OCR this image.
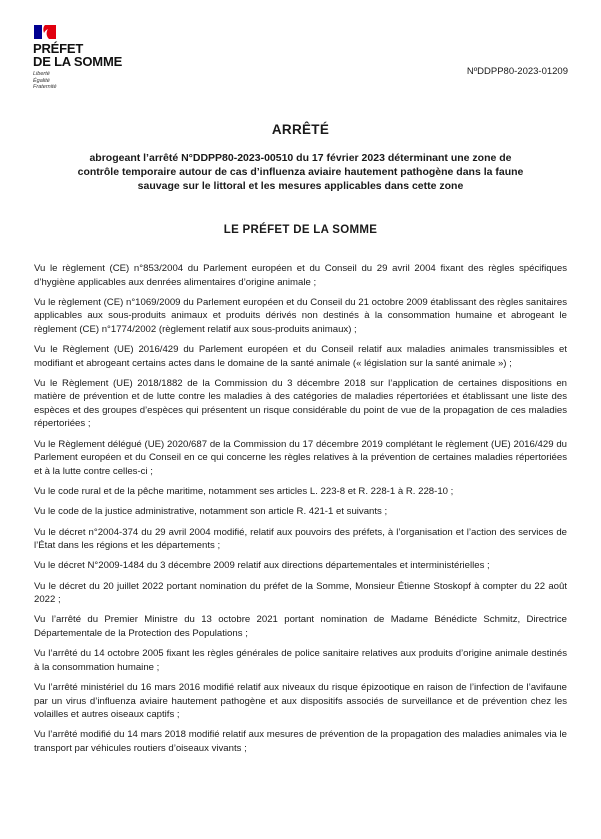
PRÉFET
DE LA SOMME
Liberté
Égalité
Fraternité
NºDDPP80-2023-01209
ARRÊTÉ
abrogeant l’arrêté N°DDPP80-2023-00510 du 17 février 2023 déterminant une zone de
contrôle temporaire autour de cas d’influenza aviaire hautement pathogène dans la faune
sauvage sur le littoral et les mesures applicables dans cette zone
LE PRÉFET DE LA SOMME

Vu le règlement (CE) n°853/2004 du Parlement européen et du Conseil du 29 avril 2004 fixant des règles spécifiques d’hygiène applicables aux denrées alimentaires d’origine animale ;

Vu le règlement (CE) n°1069/2009 du Parlement européen et du Conseil du 21 octobre 2009 établissant des règles sanitaires applicables aux sous-produits animaux et produits dérivés non destinés à la consommation humaine et abrogeant le règlement (CE) n°1774/2002 (règlement relatif aux sous-produits animaux) ;

Vu le Règlement (UE) 2016/429 du Parlement européen et du Conseil relatif aux maladies animales transmissibles et modifiant et abrogeant certains actes dans le domaine de la santé animale (« législation sur la santé animale ») ;

Vu le Règlement (UE) 2018/1882 de la Commission du 3 décembre 2018 sur l’application de certaines dispositions en matière de prévention et de lutte contre les maladies à des catégories de maladies répertoriées et établissant une liste des espèces et des groupes d’espèces qui présentent un risque considérable du point de vue de la propagation de ces maladies répertoriées ;

Vu le Règlement délégué (UE) 2020/687 de la Commission du 17 décembre 2019 complétant le règlement (UE) 2016/429 du Parlement européen et du Conseil en ce qui concerne les règles relatives à la prévention de certaines maladies répertoriées et à la lutte contre celles-ci ;

Vu le code rural et de la pêche maritime, notamment ses articles L. 223-8 et R. 228-1 à R. 228-10 ;

Vu le code de la justice administrative, notamment son article R. 421-1 et suivants ;

Vu le décret n°2004-374 du 29 avril 2004 modifié, relatif aux pouvoirs des préfets, à l’organisation et l’action des services de l’État dans les régions et les départements ;

Vu le décret N°2009-1484 du 3 décembre 2009 relatif aux directions départementales et interministérielles ;

Vu le décret du 20 juillet 2022 portant nomination du préfet de la Somme, Monsieur Étienne Stoskopf à compter du 22 août 2022 ;

Vu l’arrêté du Premier Ministre du 13 octobre 2021 portant nomination de Madame Bénédicte Schmitz, Directrice Départementale de la Protection des Populations ;

Vu l’arrêté du 14 octobre 2005 fixant les règles générales de police sanitaire relatives aux produits d’origine animale destinés à la consommation humaine ;

Vu l’arrêté ministériel du 16 mars 2016 modifié relatif aux niveaux du risque épizootique en raison de l’infection de l’avifaune par un virus d’influenza aviaire hautement pathogène et aux dispositifs associés de surveillance et de prévention chez les volailles et autres oiseaux captifs ;

Vu l’arrêté modifié du 14 mars 2018 modifié relatif aux mesures de prévention de la propagation des maladies animales via le transport par véhicules routiers d’oiseaux vivants ;
